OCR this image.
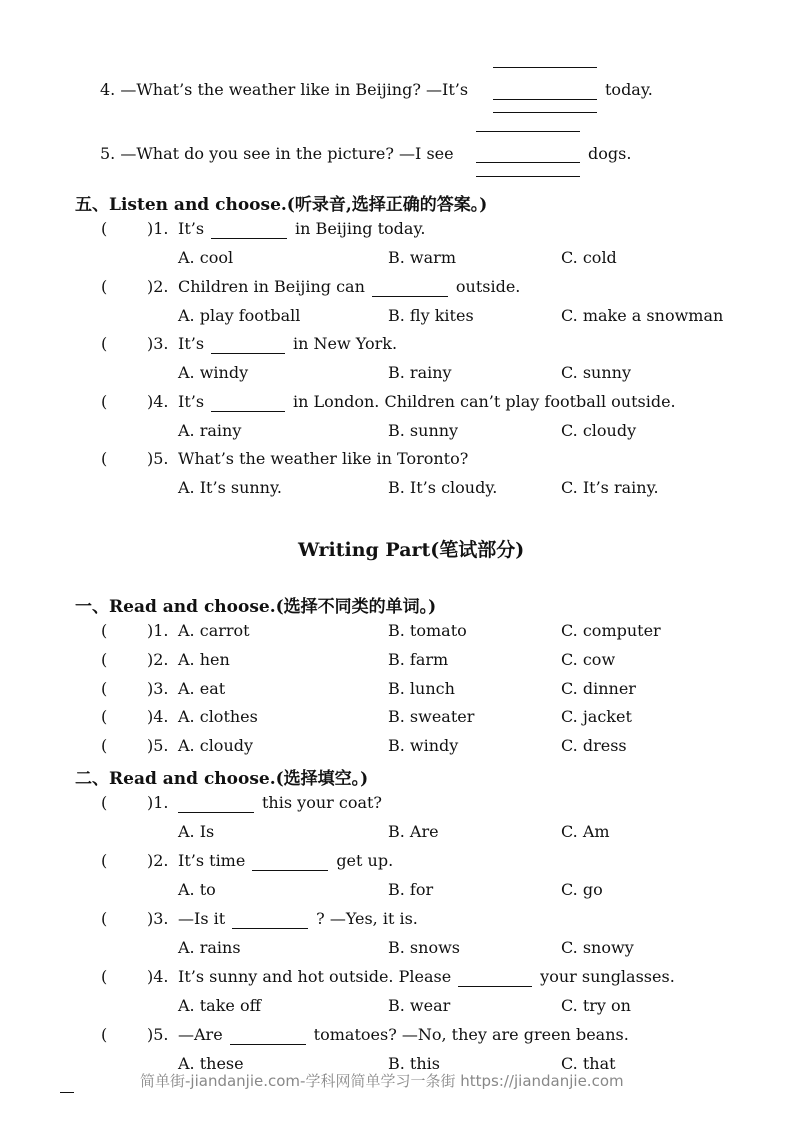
4. —What’s the weather like in Beijing? —It’s	today.
5. —What do you see in the picture? —I see	dogs.
五、Listen and choose.(听录音,选择正确的答案。)
( )1. It’s	in Beijing today.
A. cool	B. warm	C. cold
( )2. Children in Beijing can	outside.
A. play football	B. fly kites	C. make a snowman
( )3. It’s	in New York.
A. windy	B. rainy	C. sunny
( )4. It’s	in London. Children can’t play football outside.
A. rainy	B. sunny	C. cloudy
( )5. What’s the weather like in Toronto?
A. It’s sunny.	B. It’s cloudy.	C. It’s rainy.
Writing Part(笔试部分)
一、Read and choose.(选择不同类的单词。)
( )1. A. carrot	B. tomato	C. computer
( )2. A. hen	B. farm	C. cow
( )3. A. eat	B. lunch	C. dinner
( )4. A. clothes	B. sweater	C. jacket
( )5. A. cloudy	B. windy	C. dress
二、Read and choose.(选择填空。)
( )1.	this your coat?
A. Is	B. Are	C. Am
( )2. It’s time	get up.
A. to	B. for	C. go
( )3. —Is it	? —Yes, it is.
A. rains	B. snows	C. snowy
( )4. It’s sunny and hot outside. Please	your sunglasses.
A. take off	B. wear	C. try on
( )5. —Are	tomatoes? —No, they are green beans.
A. these	B. this	C. that
简单街-jiandanjie.com-学科网简单学习一条街 https://jiandanjie.com
